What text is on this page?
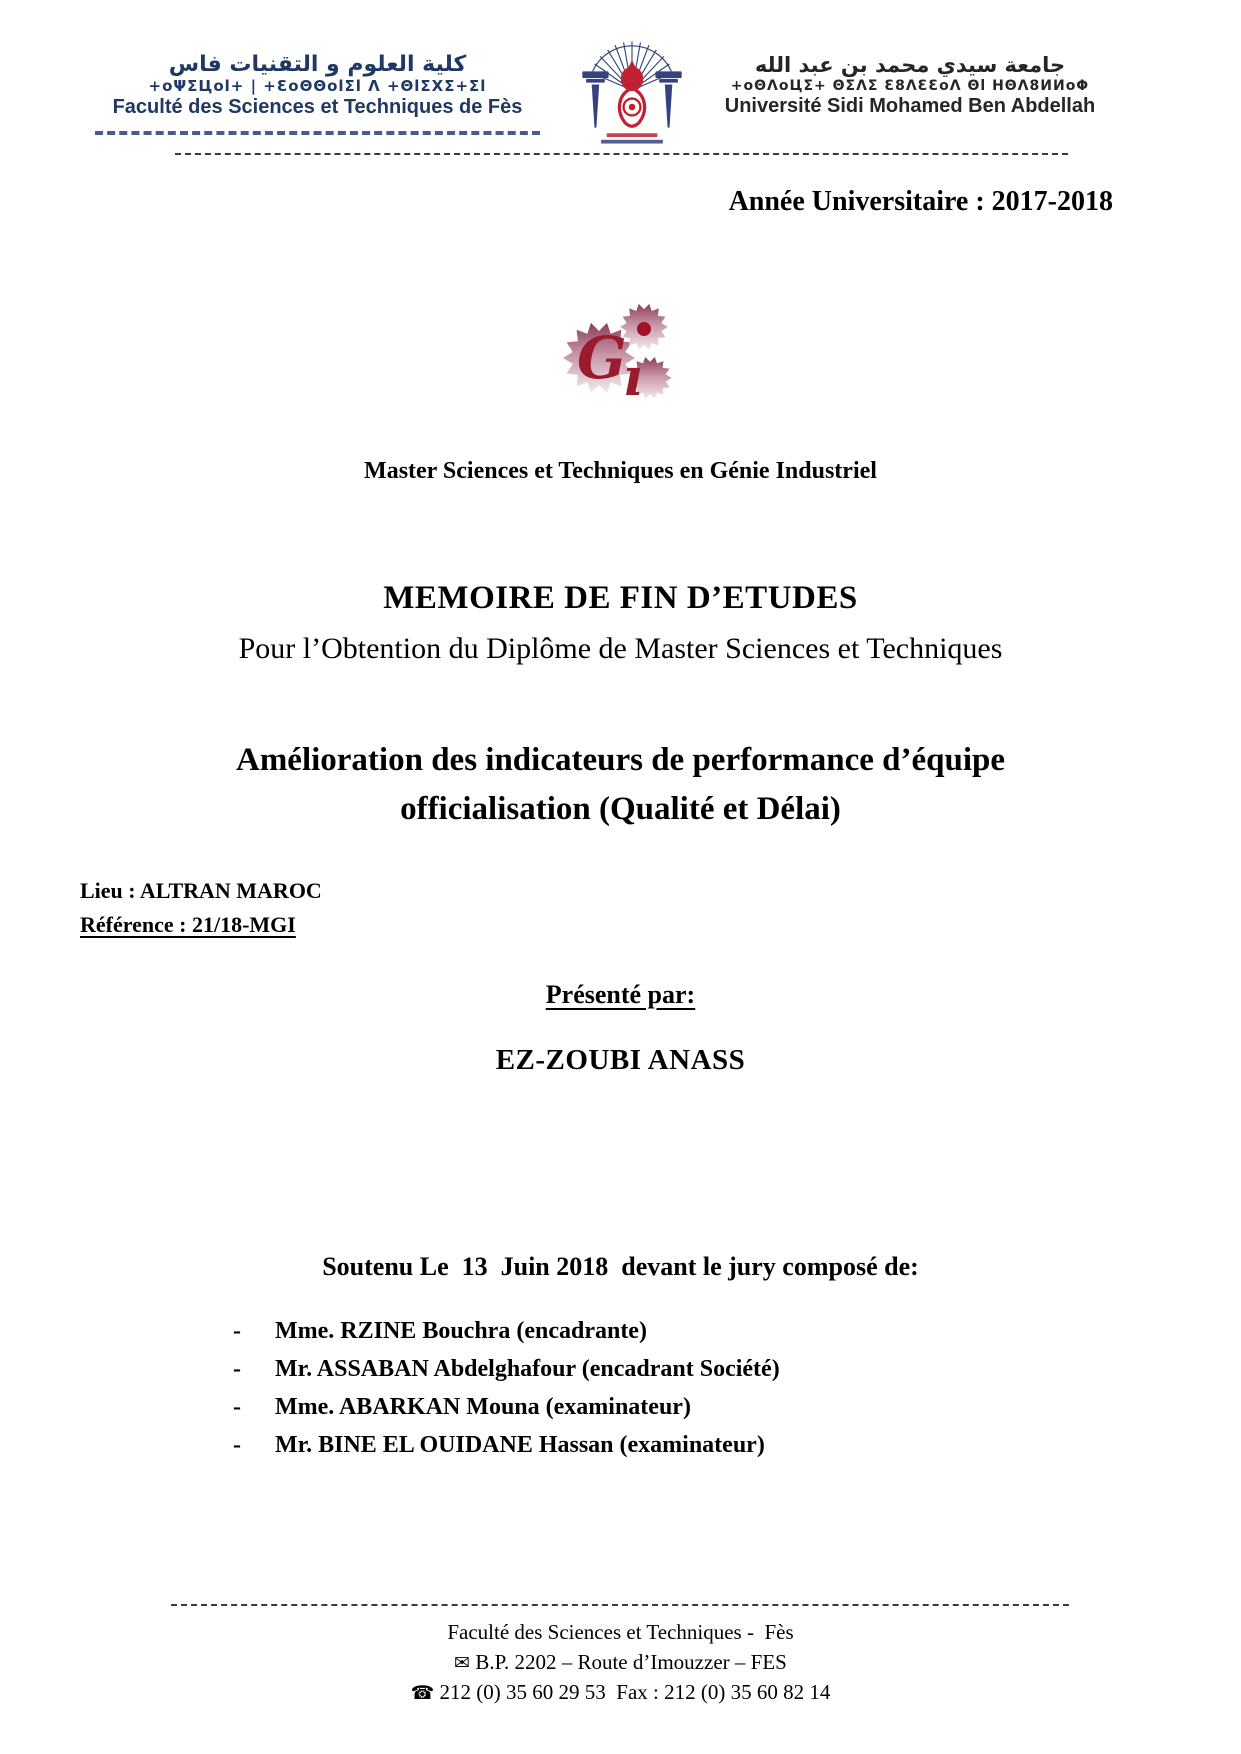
كلية العلوم و التقنيات فاس
+oΨΣЦol+ | +ƐoΘΘolΣl Λ +ΘlΣΧΣ+Σl
Faculté des Sciences et Techniques de Fès
جامعة سيدي محمد بن عبد الله
+oΘΛoЦΣ+ ΘΣΛΣ Ɛ8ΛƐƐoΛ Θl ΗΘΛ8ИИoΦ
Université Sidi Mohamed Ben Abdellah
Année Universitaire : 2017-2018
G
ı
Master Sciences et Techniques en Génie Industriel
MEMOIRE DE FIN D’ETUDES
Pour l’Obtention du Diplôme de Master Sciences et Techniques
Amélioration des indicateurs de performance d’équipe
officialisation (Qualité et Délai)
Lieu : ALTRAN MAROC
Référence : 21/18-MGI
Présenté par:
EZ-ZOUBI ANASS
Soutenu Le  13  Juin 2018  devant le jury composé de:
-	Mme. RZINE Bouchra (encadrante)
-	Mr. ASSABAN Abdelghafour (encadrant Société)
-	Mme. ABARKAN Mouna (examinateur)
-	Mr. BINE EL OUIDANE Hassan (examinateur)
Faculté des Sciences et Techniques -  Fès
✉ B.P. 2202 – Route d’Imouzzer – FES
☎ 212 (0) 35 60 29 53  Fax : 212 (0) 35 60 82 14
